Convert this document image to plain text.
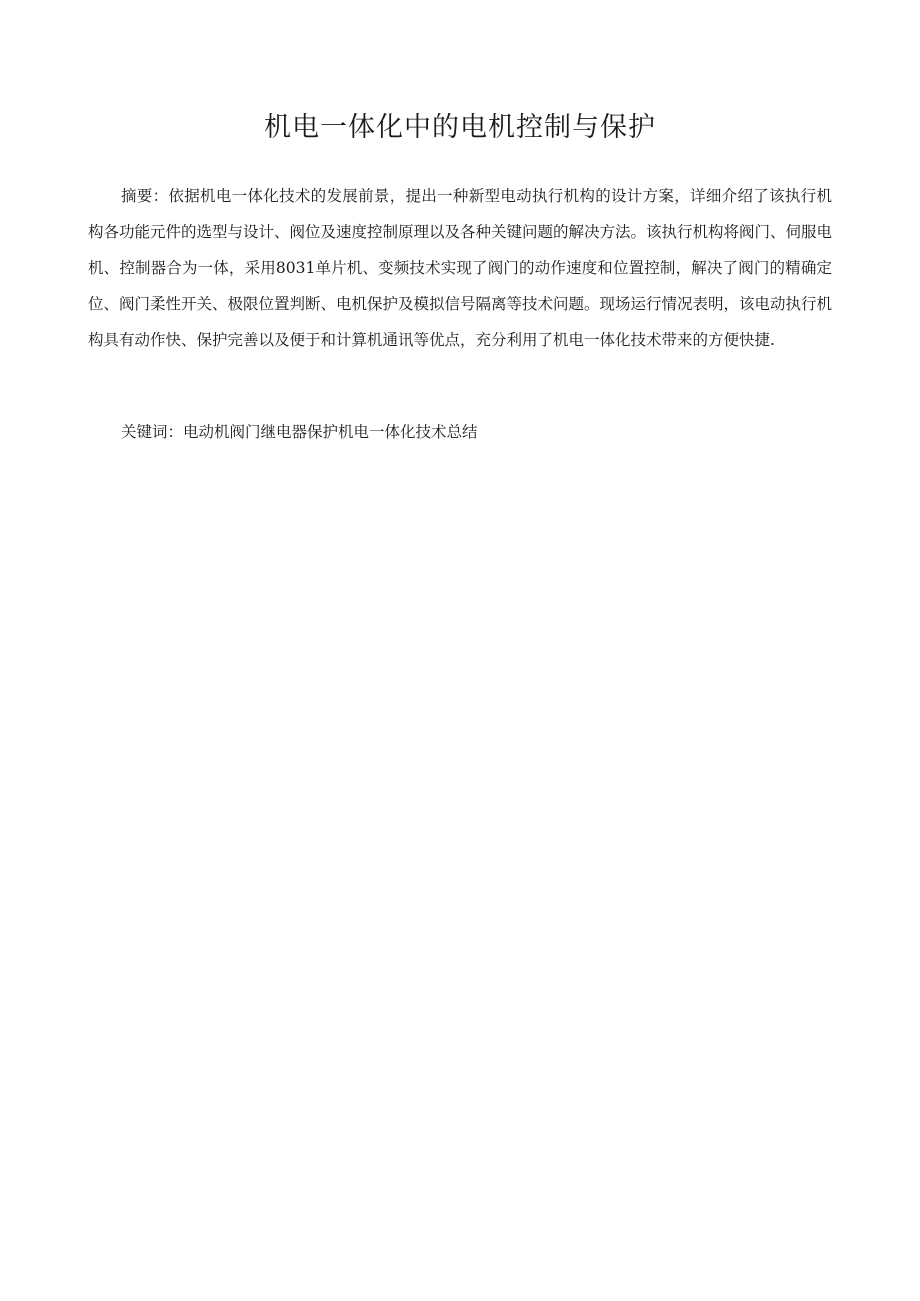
机电一体化中的电机控制与保护

摘要：依据机电一体化技术的发展前景，提出一种新型电动执行机构的设计方案，详细介绍了该执行机构各功能元件的选型与设计、阀位及速度控制原理以及各种关键问题的解决方法。该执行机构将阀门、伺服电机、控制器合为一体，采用8031单片机、变频技术实现了阀门的动作速度和位置控制，解决了阀门的精确定位、阀门柔性开关、极限位置判断、电机保护及模拟信号隔离等技术问题。现场运行情况表明，该电动执行机构具有动作快、保护完善以及便于和计算机通讯等优点，充分利用了机电一体化技术带来的方便快捷.

关键词：电动机阀门继电器保护机电一体化技术总结
